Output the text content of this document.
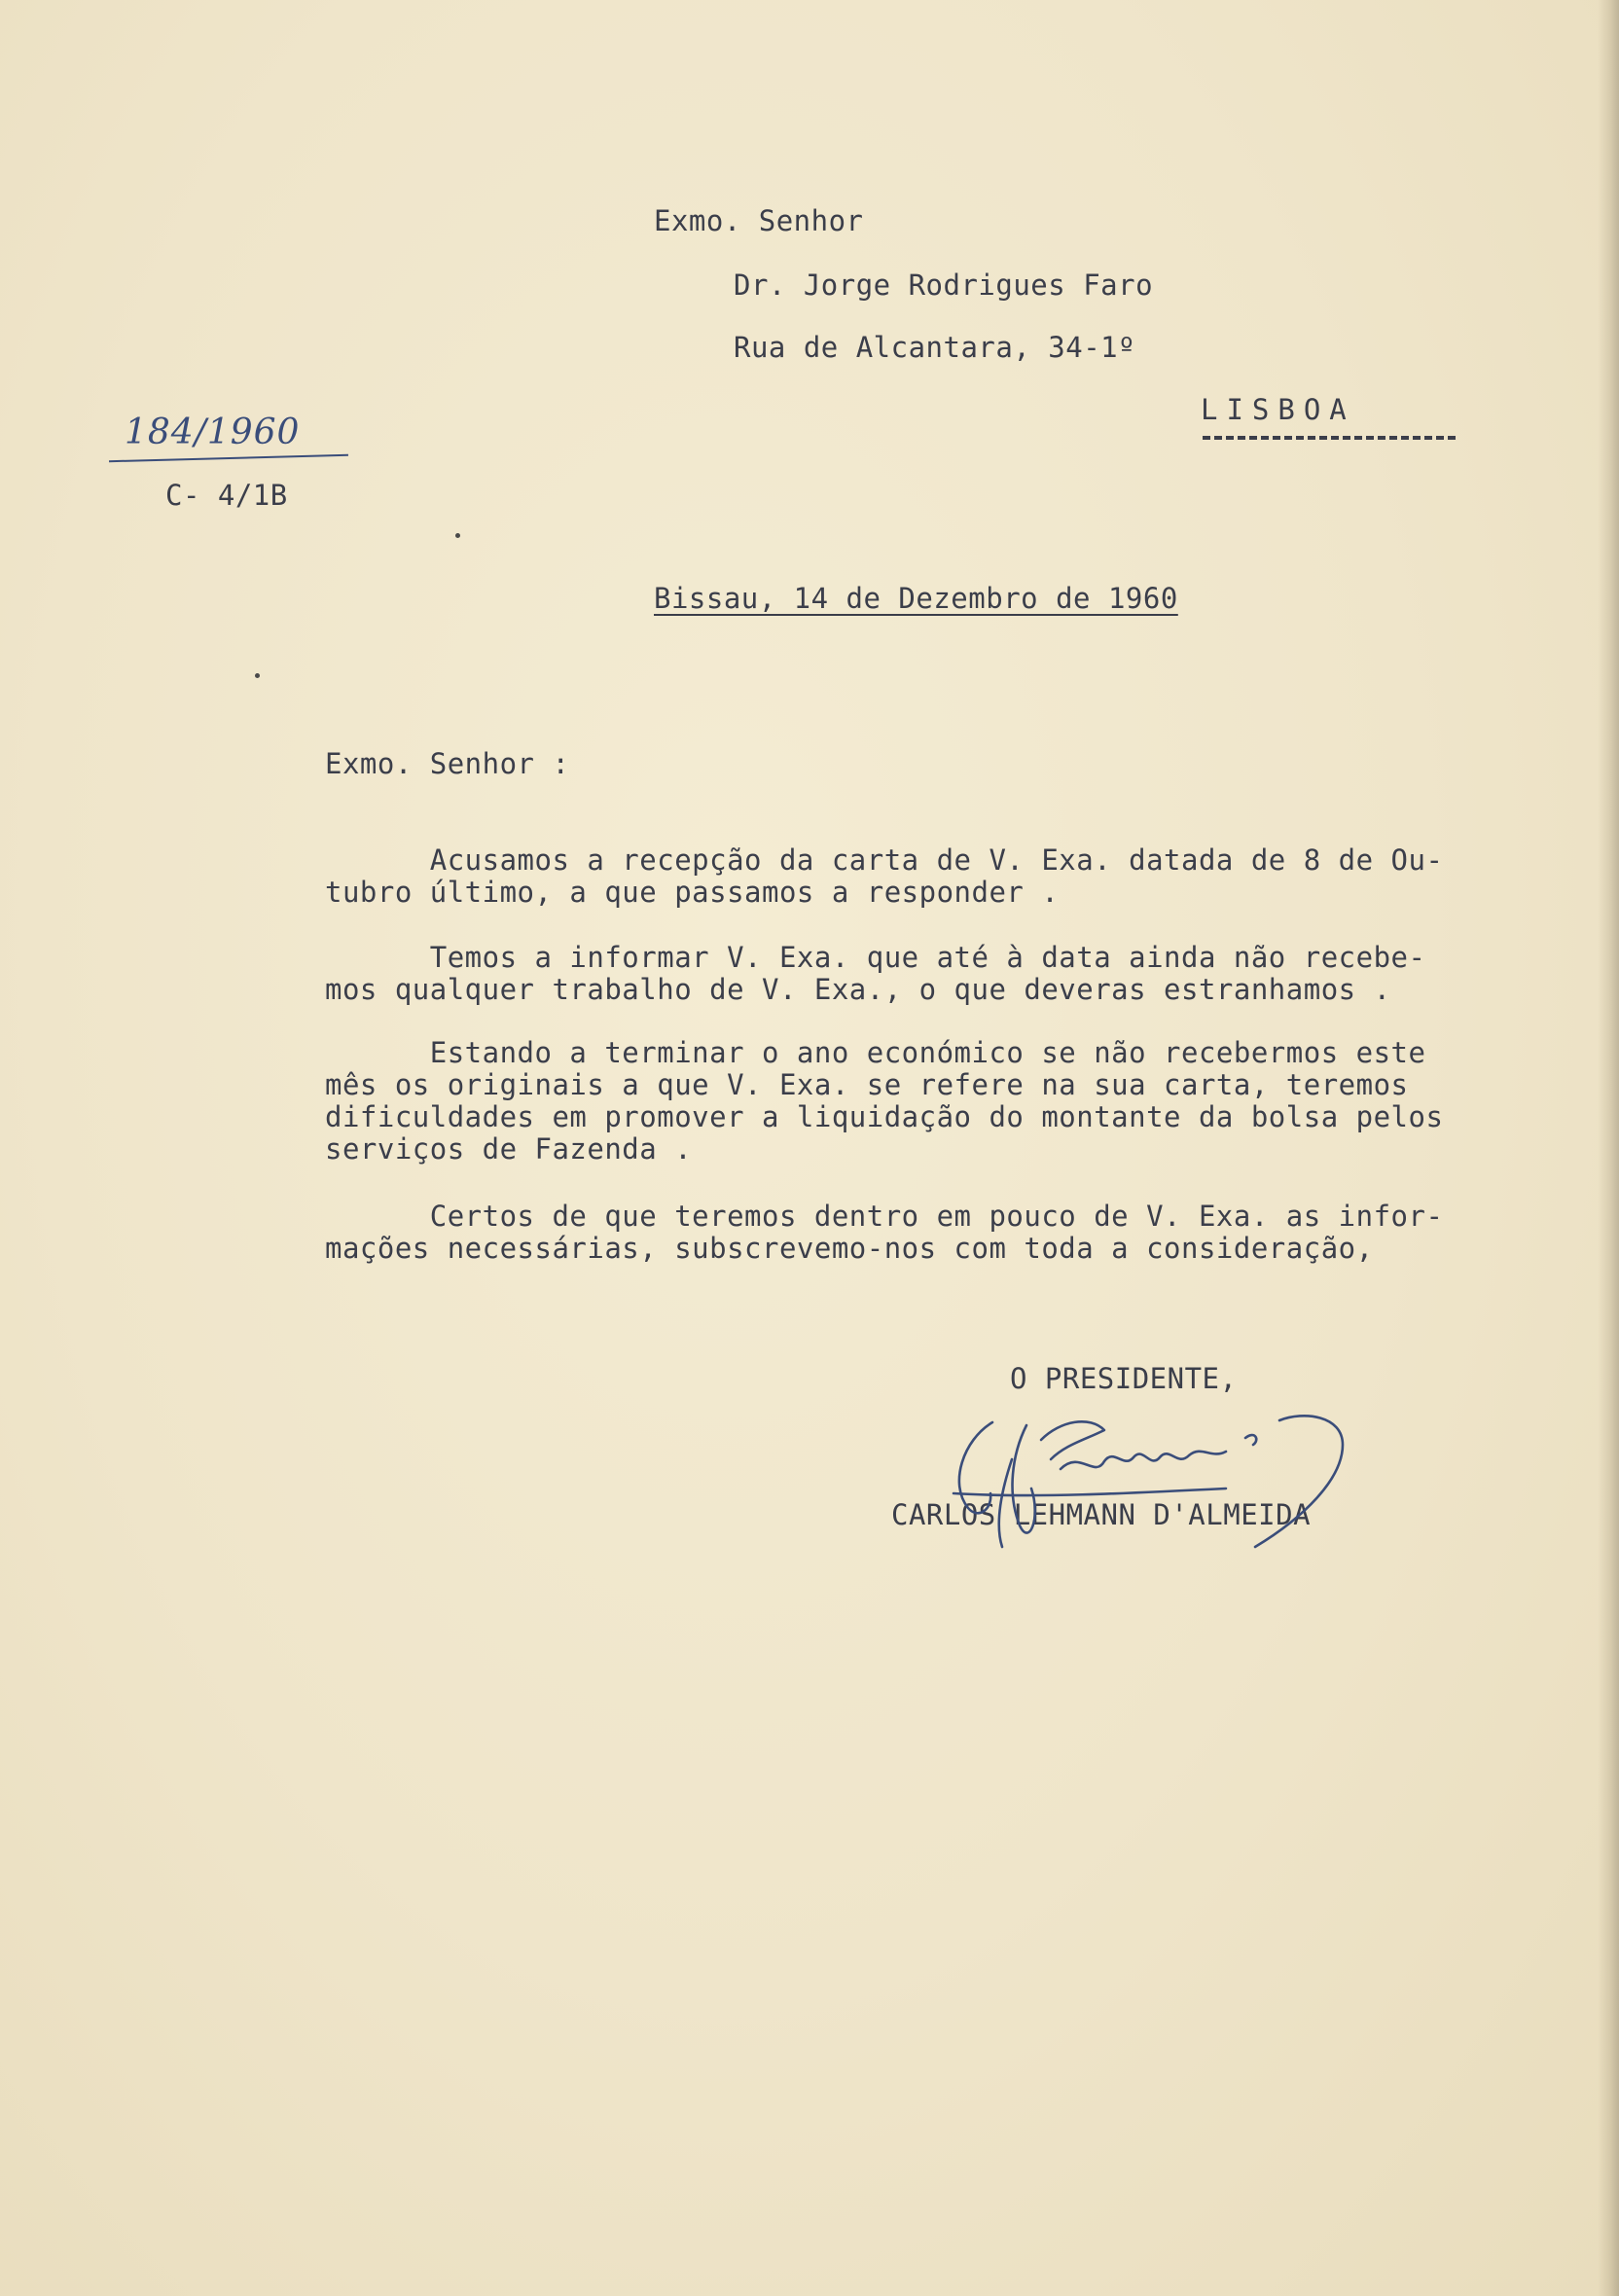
Exmo. Senhor
Dr. Jorge Rodrigues Faro
Rua de Alcantara, 34-1º
LISBOA
184/1960
C- 4/1B
Bissau, 14 de Dezembro de 1960
Exmo. Senhor :
Acusamos a recepção da carta de V. Exa. datada de 8 de Ou-
tubro último, a que passamos a responder .
Temos a informar V. Exa. que até à data ainda não recebe-
mos qualquer trabalho de V. Exa., o que deveras estranhamos .
Estando a terminar o ano económico se não recebermos este
mês os originais a que V. Exa. se refere na sua carta, teremos
dificuldades em promover a liquidação do montante da bolsa pelos
serviços de Fazenda .
Certos de que teremos dentro em pouco de V. Exa. as infor-
mações necessárias, subscrevemo-nos com toda a consideração,
O PRESIDENTE,
CARLOS LEHMANN D'ALMEIDA
